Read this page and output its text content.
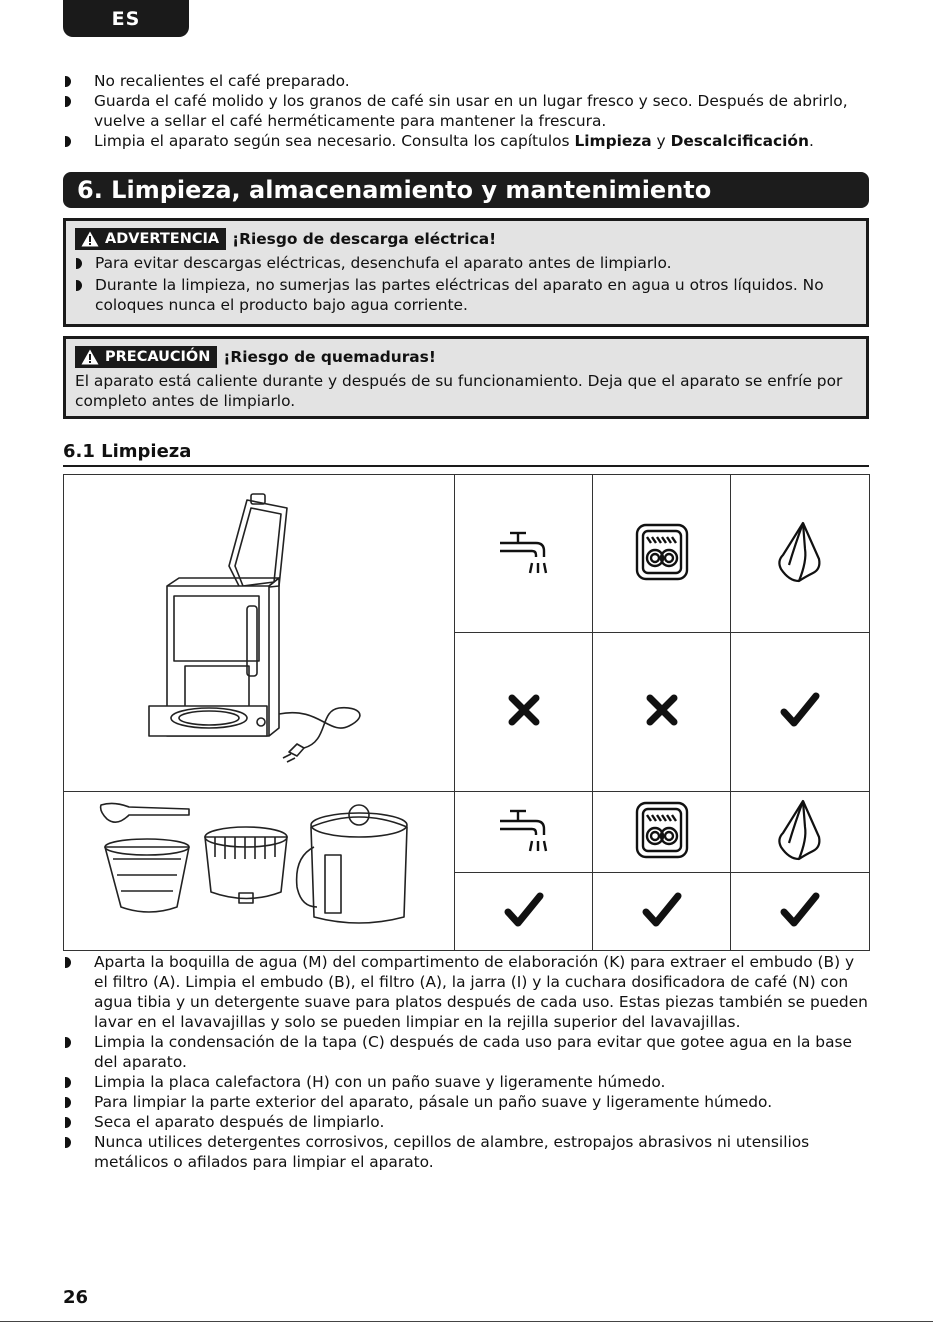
ES
No recalientes el café preparado.
Guarda el café molido y los granos de café sin usar en un lugar fresco y seco. Después de abrirlo, vuelve a sellar el café herméticamente para mantener la frescura.
Limpia el aparato según sea necesario. Consulta los capítulos Limpieza y Descalcificación.
6. Limpieza, almacenamiento y mantenimiento
ADVERTENCIA ¡Riesgo de descarga eléctrica!
Para evitar descargas eléctricas, desenchufa el aparato antes de limpiarlo.
Durante la limpieza, no sumerjas las partes eléctricas del aparato en agua u otros líquidos. No coloques nunca el producto bajo agua corriente.
PRECAUCIÓN ¡Riesgo de quemaduras!
El aparato está caliente durante y después de su funcionamiento. Deja que el aparato se enfríe por completo antes de limpiarlo.
6.1 Limpieza

Aparta la boquilla de agua (M) del compartimento de elaboración (K) para extraer el embudo (B) y el filtro (A). Limpia el embudo (B), el filtro (A), la jarra (I) y la cuchara dosificadora de café (N) con agua tibia y un detergente suave para platos después de cada uso. Estas piezas también se pueden lavar en el lavavajillas y solo se pueden limpiar en la rejilla superior del lavavajillas.
Limpia la condensación de la tapa (C) después de cada uso para evitar que gotee agua en la base del aparato.
Limpia la placa calefactora (H) con un paño suave y ligeramente húmedo.
Para limpiar la parte exterior del aparato, pásale un paño suave y ligeramente húmedo.
Seca el aparato después de limpiarlo.
Nunca utilices detergentes corrosivos, cepillos de alambre, estropajos abrasivos ni utensilios metálicos o afilados para limpiar el aparato.
26
